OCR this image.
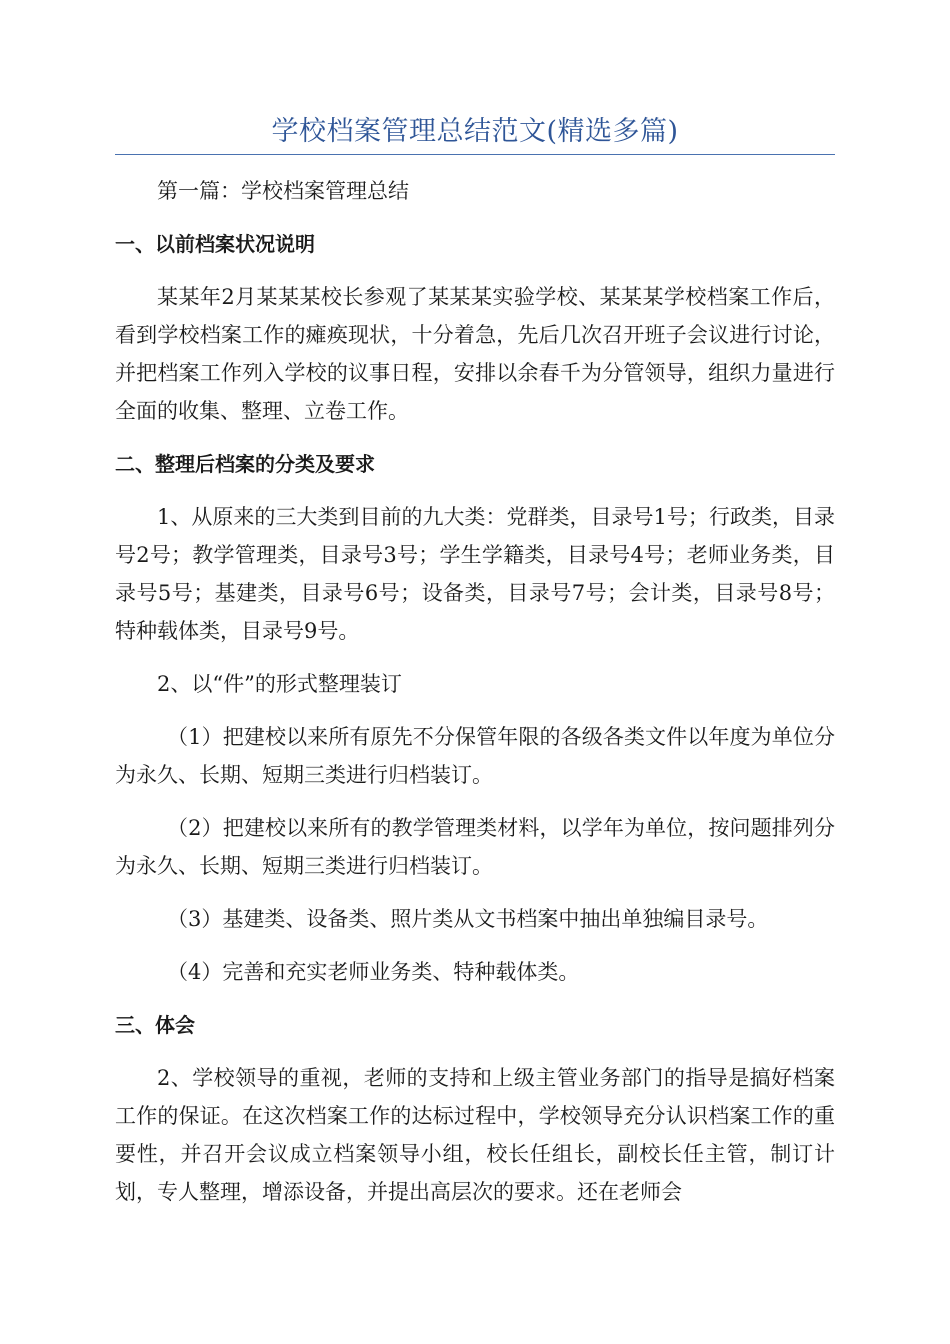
学校档案管理总结范文(精选多篇)

第一篇：学校档案管理总结

一、以前档案状况说明

某某年2月某某某校长参观了某某某实验学校、某某某学校档案工作后，看到学校档案工作的瘫痪现状，十分着急，先后几次召开班子会议进行讨论，并把档案工作列入学校的议事日程，安排以余春千为分管领导，组织力量进行全面的收集、整理、立卷工作。

二、整理后档案的分类及要求

1、从原来的三大类到目前的九大类：党群类，目录号1号；行政类，目录号2号；教学管理类，目录号3号；学生学籍类，目录号4号；老师业务类，目录号5号；基建类，目录号6号；设备类，目录号7号；会计类，目录号8号；特种载体类，目录号9号。

2、以“件”的形式整理装订

（1）把建校以来所有原先不分保管年限的各级各类文件以年度为单位分为永久、长期、短期三类进行归档装订。

（2）把建校以来所有的教学管理类材料，以学年为单位，按问题排列分为永久、长期、短期三类进行归档装订。

（3）基建类、设备类、照片类从文书档案中抽出单独编目录号。

（4）完善和充实老师业务类、特种载体类。

三、体会

2、学校领导的重视，老师的支持和上级主管业务部门的指导是搞好档案工作的保证。在这次档案工作的达标过程中，学校领导充分认识档案工作的重要性，并召开会议成立档案领导小组，校长任组长，副校长任主管，制订计划，专人整理，增添设备，并提出高层次的要求。还在老师会
